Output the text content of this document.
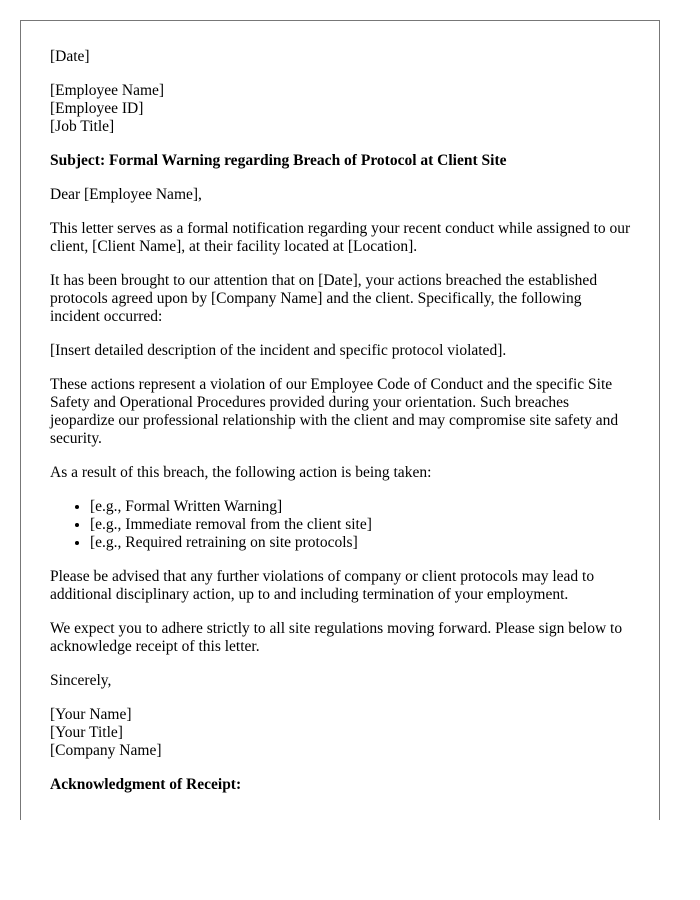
[Date]

[Employee Name]
[Employee ID]
[Job Title]

Subject: Formal Warning regarding Breach of Protocol at Client Site

Dear [Employee Name],

This letter serves as a formal notification regarding your recent conduct while assigned to our client, [Client Name], at their facility located at [Location].

It has been brought to our attention that on [Date], your actions breached the established protocols agreed upon by [Company Name] and the client. Specifically, the following incident occurred:

[Insert detailed description of the incident and specific protocol violated].

These actions represent a violation of our Employee Code of Conduct and the specific Site Safety and Operational Procedures provided during your orientation. Such breaches jeopardize our professional relationship with the client and may compromise site safety and security.

As a result of this breach, the following action is being taken:

• [e.g., Formal Written Warning]
• [e.g., Immediate removal from the client site]
• [e.g., Required retraining on site protocols]

Please be advised that any further violations of company or client protocols may lead to additional disciplinary action, up to and including termination of your employment.

We expect you to adhere strictly to all site regulations moving forward. Please sign below to acknowledge receipt of this letter.

Sincerely,

[Your Name]
[Your Title]
[Company Name]

Acknowledgment of Receipt:
